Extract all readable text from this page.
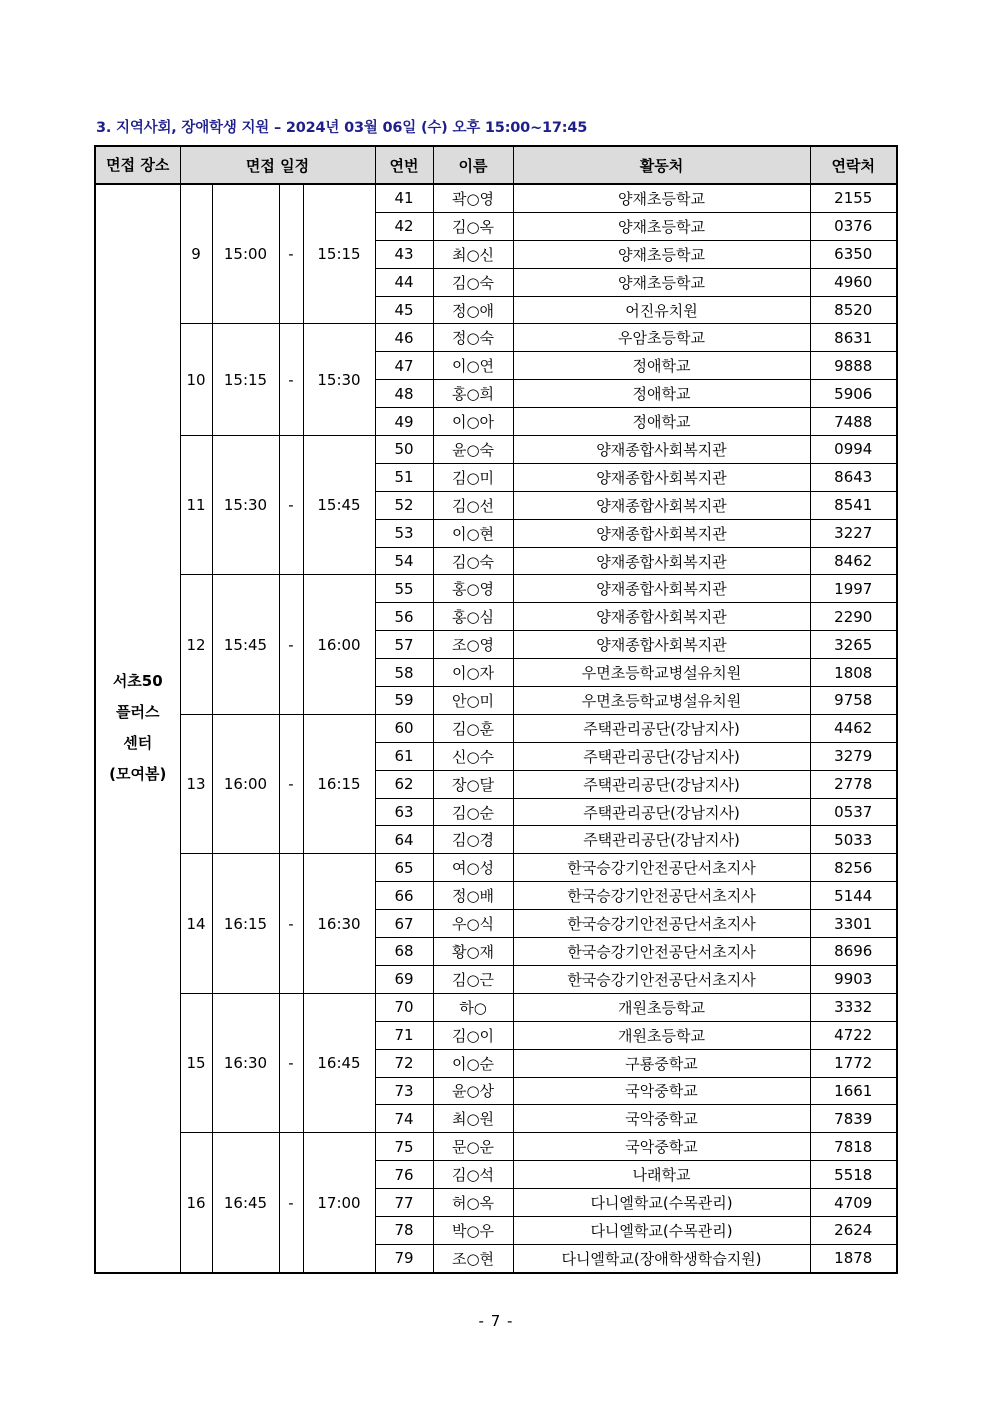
3. 지역사회, 장애학생 지원 – 2024년 03월 06일 (수) 오후 15:00~17:45
면접 장소	면접 일정				연번	이름	활동처	연락처

서초50
플러스
센터
(모여봄)	9	15:00	-	15:15	41	곽○영	양재초등학교	2155
					42	김○옥	양재초등학교	0376
					43	최○신	양재초등학교	6350
					44	김○숙	양재초등학교	4960
					45	정○애	어진유치원	8520
	10	15:15	-	15:30	46	정○숙	우암초등학교	8631
					47	이○연	정애학교	9888
					48	홍○희	정애학교	5906
					49	이○아	정애학교	7488
	11	15:30	-	15:45	50	윤○숙	양재종합사회복지관	0994
					51	김○미	양재종합사회복지관	8643
					52	김○선	양재종합사회복지관	8541
					53	이○현	양재종합사회복지관	3227
					54	김○숙	양재종합사회복지관	8462
	12	15:45	-	16:00	55	홍○영	양재종합사회복지관	1997
					56	홍○심	양재종합사회복지관	2290
					57	조○영	양재종합사회복지관	3265
					58	이○자	우면초등학교병설유치원	1808
					59	안○미	우면초등학교병설유치원	9758
	13	16:00	-	16:15	60	김○훈	주택관리공단(강남지사)	4462
					61	신○수	주택관리공단(강남지사)	3279
					62	장○달	주택관리공단(강남지사)	2778
					63	김○순	주택관리공단(강남지사)	0537
					64	김○경	주택관리공단(강남지사)	5033
	14	16:15	-	16:30	65	여○성	한국승강기안전공단서초지사	8256
					66	정○배	한국승강기안전공단서초지사	5144
					67	우○식	한국승강기안전공단서초지사	3301
					68	황○재	한국승강기안전공단서초지사	8696
					69	김○근	한국승강기안전공단서초지사	9903
	15	16:30	-	16:45	70	하○	개원초등학교	3332
					71	김○이	개원초등학교	4722
					72	이○순	구룡중학교	1772
					73	윤○상	국악중학교	1661
					74	최○원	국악중학교	7839
	16	16:45	-	17:00	75	문○운	국악중학교	7818
					76	김○석	나래학교	5518
					77	허○옥	다니엘학교(수목관리)	4709
					78	박○우	다니엘학교(수목관리)	2624
					79	조○현	다니엘학교(장애학생학습지원)	1878
- 7 -
